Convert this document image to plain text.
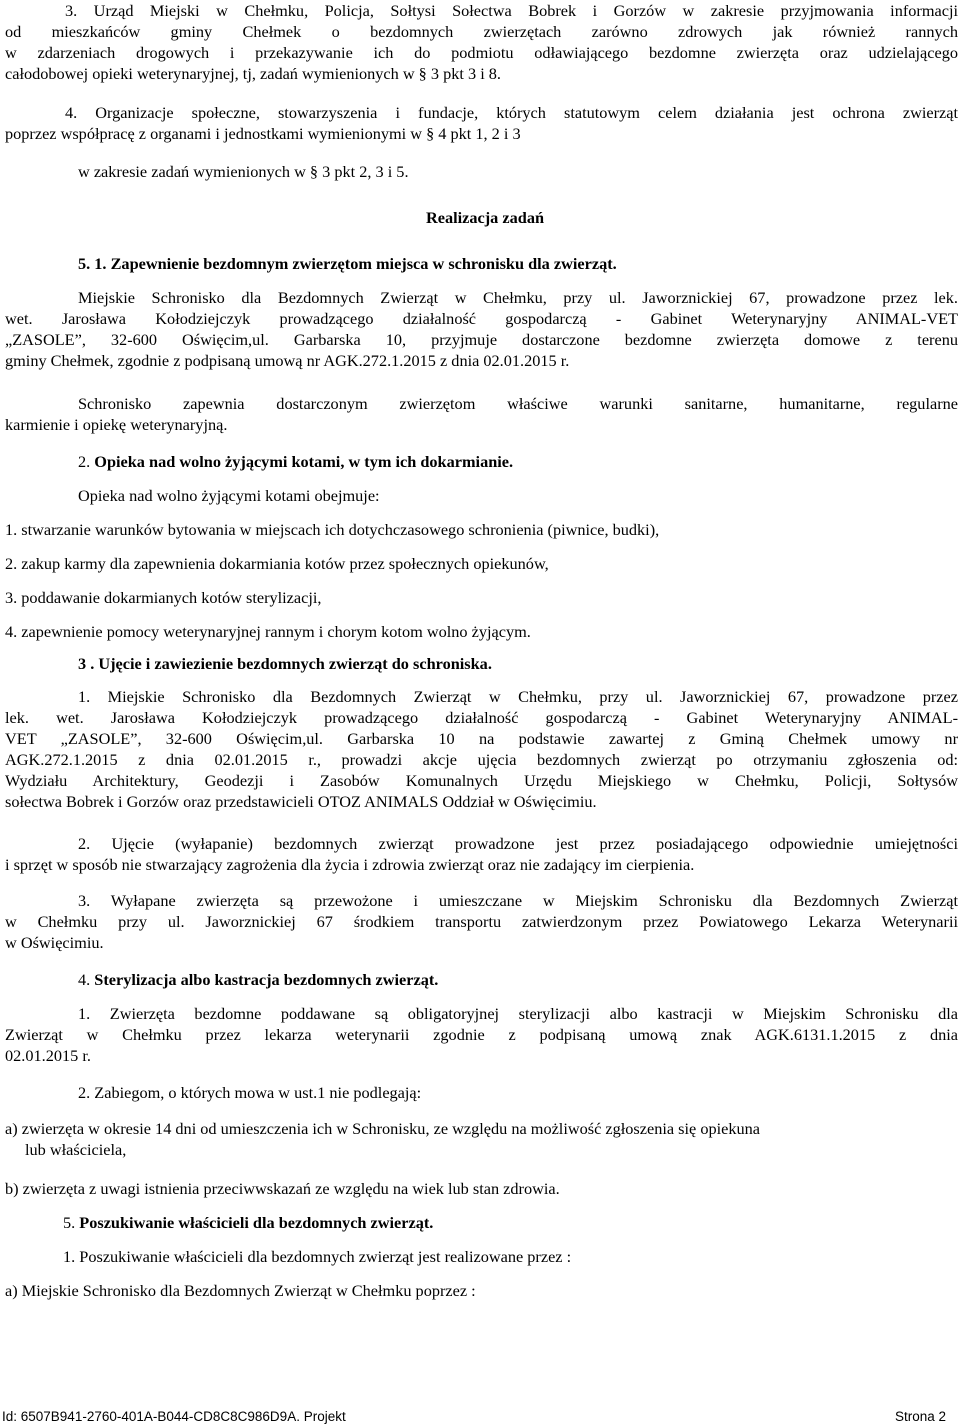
3. Urząd Miejski w Chełmku, Policja, Sołtysi Sołectwa Bobrek i Gorzów w zakresie przyjmowania informacji
od mieszkańców gminy Chełmek o bezdomnych zwierzętach zarówno zdrowych jak również rannych
w zdarzeniach drogowych i przekazywanie ich do podmiotu odławiającego bezdomne zwierzęta oraz udzielającego
całodobowej opieki weterynaryjnej, tj, zadań wymienionych w § 3 pkt 3 i 8.
4. Organizacje społeczne, stowarzyszenia i fundacje, których statutowym celem działania jest ochrona zwierząt
poprzez współpracę z organami i jednostkami wymienionymi w § 4 pkt 1, 2 i 3
w zakresie zadań wymienionych w § 3 pkt 2, 3 i 5.
Realizacja zadań
5. 1. Zapewnienie bezdomnym zwierzętom miejsca w schronisku dla zwierząt.
Miejskie Schronisko dla Bezdomnych Zwierząt w Chełmku, przy ul. Jaworznickiej 67, prowadzone przez lek.
wet. Jarosława Kołodziejczyk prowadzącego działalność gospodarczą - Gabinet Weterynaryjny ANIMAL-VET
„ZASOLE”, 32-600 Oświęcim,ul. Garbarska 10, przyjmuje dostarczone bezdomne zwierzęta domowe z terenu
gminy Chełmek, zgodnie z podpisaną umową nr AGK.272.1.2015 z dnia 02.01.2015 r.
Schronisko zapewnia dostarczonym zwierzętom właściwe warunki sanitarne, humanitarne, regularne
karmienie i opiekę weterynaryjną.
2. Opieka nad wolno żyjącymi kotami, w tym ich dokarmianie.
Opieka nad wolno żyjącymi kotami obejmuje:
1. stwarzanie warunków bytowania w miejscach ich dotychczasowego schronienia (piwnice, budki),
2. zakup karmy dla zapewnienia dokarmiania kotów przez społecznych opiekunów,
3. poddawanie dokarmianych kotów sterylizacji,
4. zapewnienie pomocy weterynaryjnej rannym i chorym kotom wolno żyjącym.
3 . Ujęcie i zawiezienie bezdomnych zwierząt do schroniska.
1. Miejskie Schronisko dla Bezdomnych Zwierząt w Chełmku, przy ul. Jaworznickiej 67, prowadzone przez
lek. wet. Jarosława Kołodziejczyk prowadzącego działalność gospodarczą - Gabinet Weterynaryjny ANIMAL-
VET „ZASOLE”, 32-600 Oświęcim,ul. Garbarska 10 na podstawie zawartej z Gminą Chełmek umowy nr
AGK.272.1.2015 z dnia 02.01.2015 r., prowadzi akcje ujęcia bezdomnych zwierząt po otrzymaniu zgłoszenia od:
Wydziału Architektury, Geodezji i Zasobów Komunalnych Urzędu Miejskiego w Chełmku, Policji, Sołtysów
sołectwa Bobrek i Gorzów oraz przedstawicieli OTOZ ANIMALS Oddział w Oświęcimiu.
2. Ujęcie (wyłapanie) bezdomnych zwierząt prowadzone jest przez posiadającego odpowiednie umiejętności
i sprzęt w sposób nie stwarzający zagrożenia dla życia i zdrowia zwierząt oraz nie zadający im cierpienia.
3. Wyłapane zwierzęta są przewożone i umieszczane w Miejskim Schronisku dla Bezdomnych Zwierząt
w Chełmku przy ul. Jaworznickiej 67 środkiem transportu zatwierdzonym przez Powiatowego Lekarza Weterynarii
w Oświęcimiu.
4. Sterylizacja albo kastracja bezdomnych zwierząt.
1. Zwierzęta bezdomne poddawane są obligatoryjnej sterylizacji albo kastracji w Miejskim Schronisku dla
Zwierząt w Chełmku przez lekarza weterynarii zgodnie z podpisaną umową znak AGK.6131.1.2015 z dnia
02.01.2015 r.
2. Zabiegom, o których mowa w ust.1 nie podlegają:
a) zwierzęta w okresie 14 dni od umieszczenia ich w Schronisku, ze względu na możliwość zgłoszenia się opiekuna
lub właściciela,
b) zwierzęta z uwagi istnienia przeciwwskazań ze względu na wiek lub stan zdrowia.
5. Poszukiwanie właścicieli dla bezdomnych zwierząt.
1. Poszukiwanie właścicieli dla bezdomnych zwierząt jest realizowane przez :
a) Miejskie Schronisko dla Bezdomnych Zwierząt w Chełmku poprzez :
Id: 6507B941-2760-401A-B044-CD8C8C986D9A. Projekt	Strona 2
